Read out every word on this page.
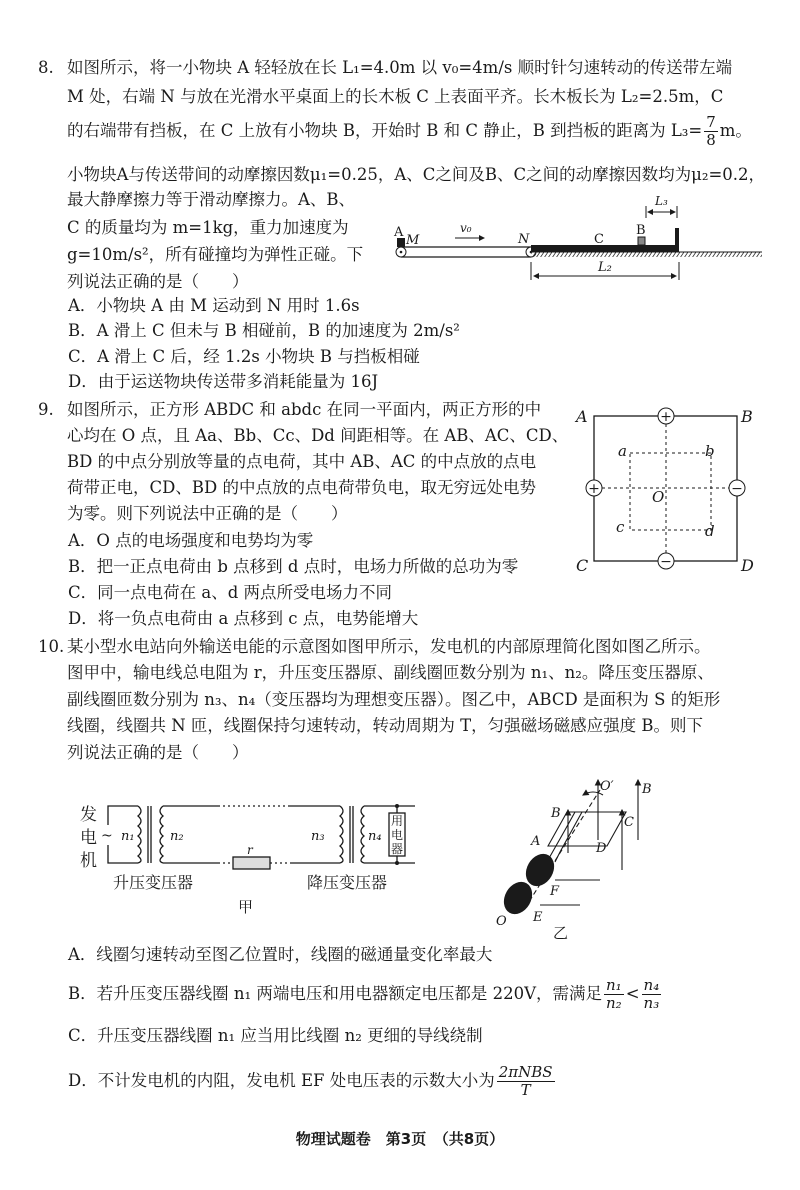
8. 如图所示，将一小物块 A 轻轻放在长 L₁=4.0m 以 v₀=4m/s 顺时针匀速转动的传送带左端
M 处，右端 N 与放在光滑水平桌面上的长木板 C 上表面平齐。长木板长为 L₂=2.5m，C
的右端带有挡板，在 C 上放有小物块 B，开始时 B 和 C 静止，B 到挡板的距离为 $L_3= \frac{7}{8}$ m。
小物块A与传送带间的动摩擦因数μ₁=0.25，A、C之间及B、C之间的动摩擦因数均为μ₂=0.2，
最大静摩擦力等于滑动摩擦力。A、B、
C 的质量均为 m=1kg，重力加速度为
g=10m/s²，所有碰撞均为弹性正碰。下
列说法正确的是（　　）
A．小物块 A 由 M 运动到 N 用时 1.6s
B．A 滑上 C 但未与 B 相碰前，B 的加速度为 2m/s²
C．A 滑上 C 后，经 1.2s 小物块 B 与挡板相碰
D．由于运送物块传送带多消耗能量为 16J
A
M
v₀
N	C
B
L₃
L₂
9. 如图所示，正方形 ABDC 和 abdc 在同一平面内，两正方形的中
心均在 O 点，且 Aa、Bb、Cc、Dd 间距相等。在 AB、AC、CD、
BD 的中点分别放等量的点电荷，其中 AB、AC 的中点放的点电
荷带正电，CD、BD 的中点放的点电荷带负电，取无穷远处电势
为零。则下列说法中正确的是（　　）
A．O 点的电场强度和电势均为零
B．把一正点电荷由 b 点移到 d 点时，电场力所做的总功为零
C．同一点电荷在 a、d 两点所受电场力不同
D．将一负点电荷由 a 点移到 c 点，电势能增大
+
+	−
−
A	B
C	D
a	b
c	d
O
10. 某小型水电站向外输送电能的示意图如图甲所示，发电机的内部原理简化图如图乙所示。
图甲中，输电线总电阻为 r，升压变压器原、副线圈匝数分别为 n₁、n₂。降压变压器原、
副线圈匝数分别为 n₃、n₄（变压器均为理想变压器）。图乙中，ABCD 是面积为 S 的矩形
线圈，线圈共 N 匝，线圈保持匀速转动，转动周期为 T，匀强磁场磁感应强度 B。则下
列说法正确的是（　　）
发
电
机
~ n₁	n₂	n₃	n₄
r
用
电
器
升压变压器	降压变压器
甲
O′ B
B
C
A	D
F
E
O
乙
A．线圈匀速转动至图乙位置时，线圈的磁通量变化率最大
B．若升压变压器线圈 n₁ 两端电压和用电器额定电压都是 220V，需满足 $\frac{\text{n₁}}{\text{n₂}} < \frac{\text{n₄}}{\text{n₃}}$
C．升压变压器线圈 n₁ 应当用比线圈 n₂ 更细的导线绕制
D．不计发电机的内阻，发电机 EF 处电压表的示数大小为 $\frac{\text{2πNBS}}{T}$
物理试题卷　第3页　（共8页）
